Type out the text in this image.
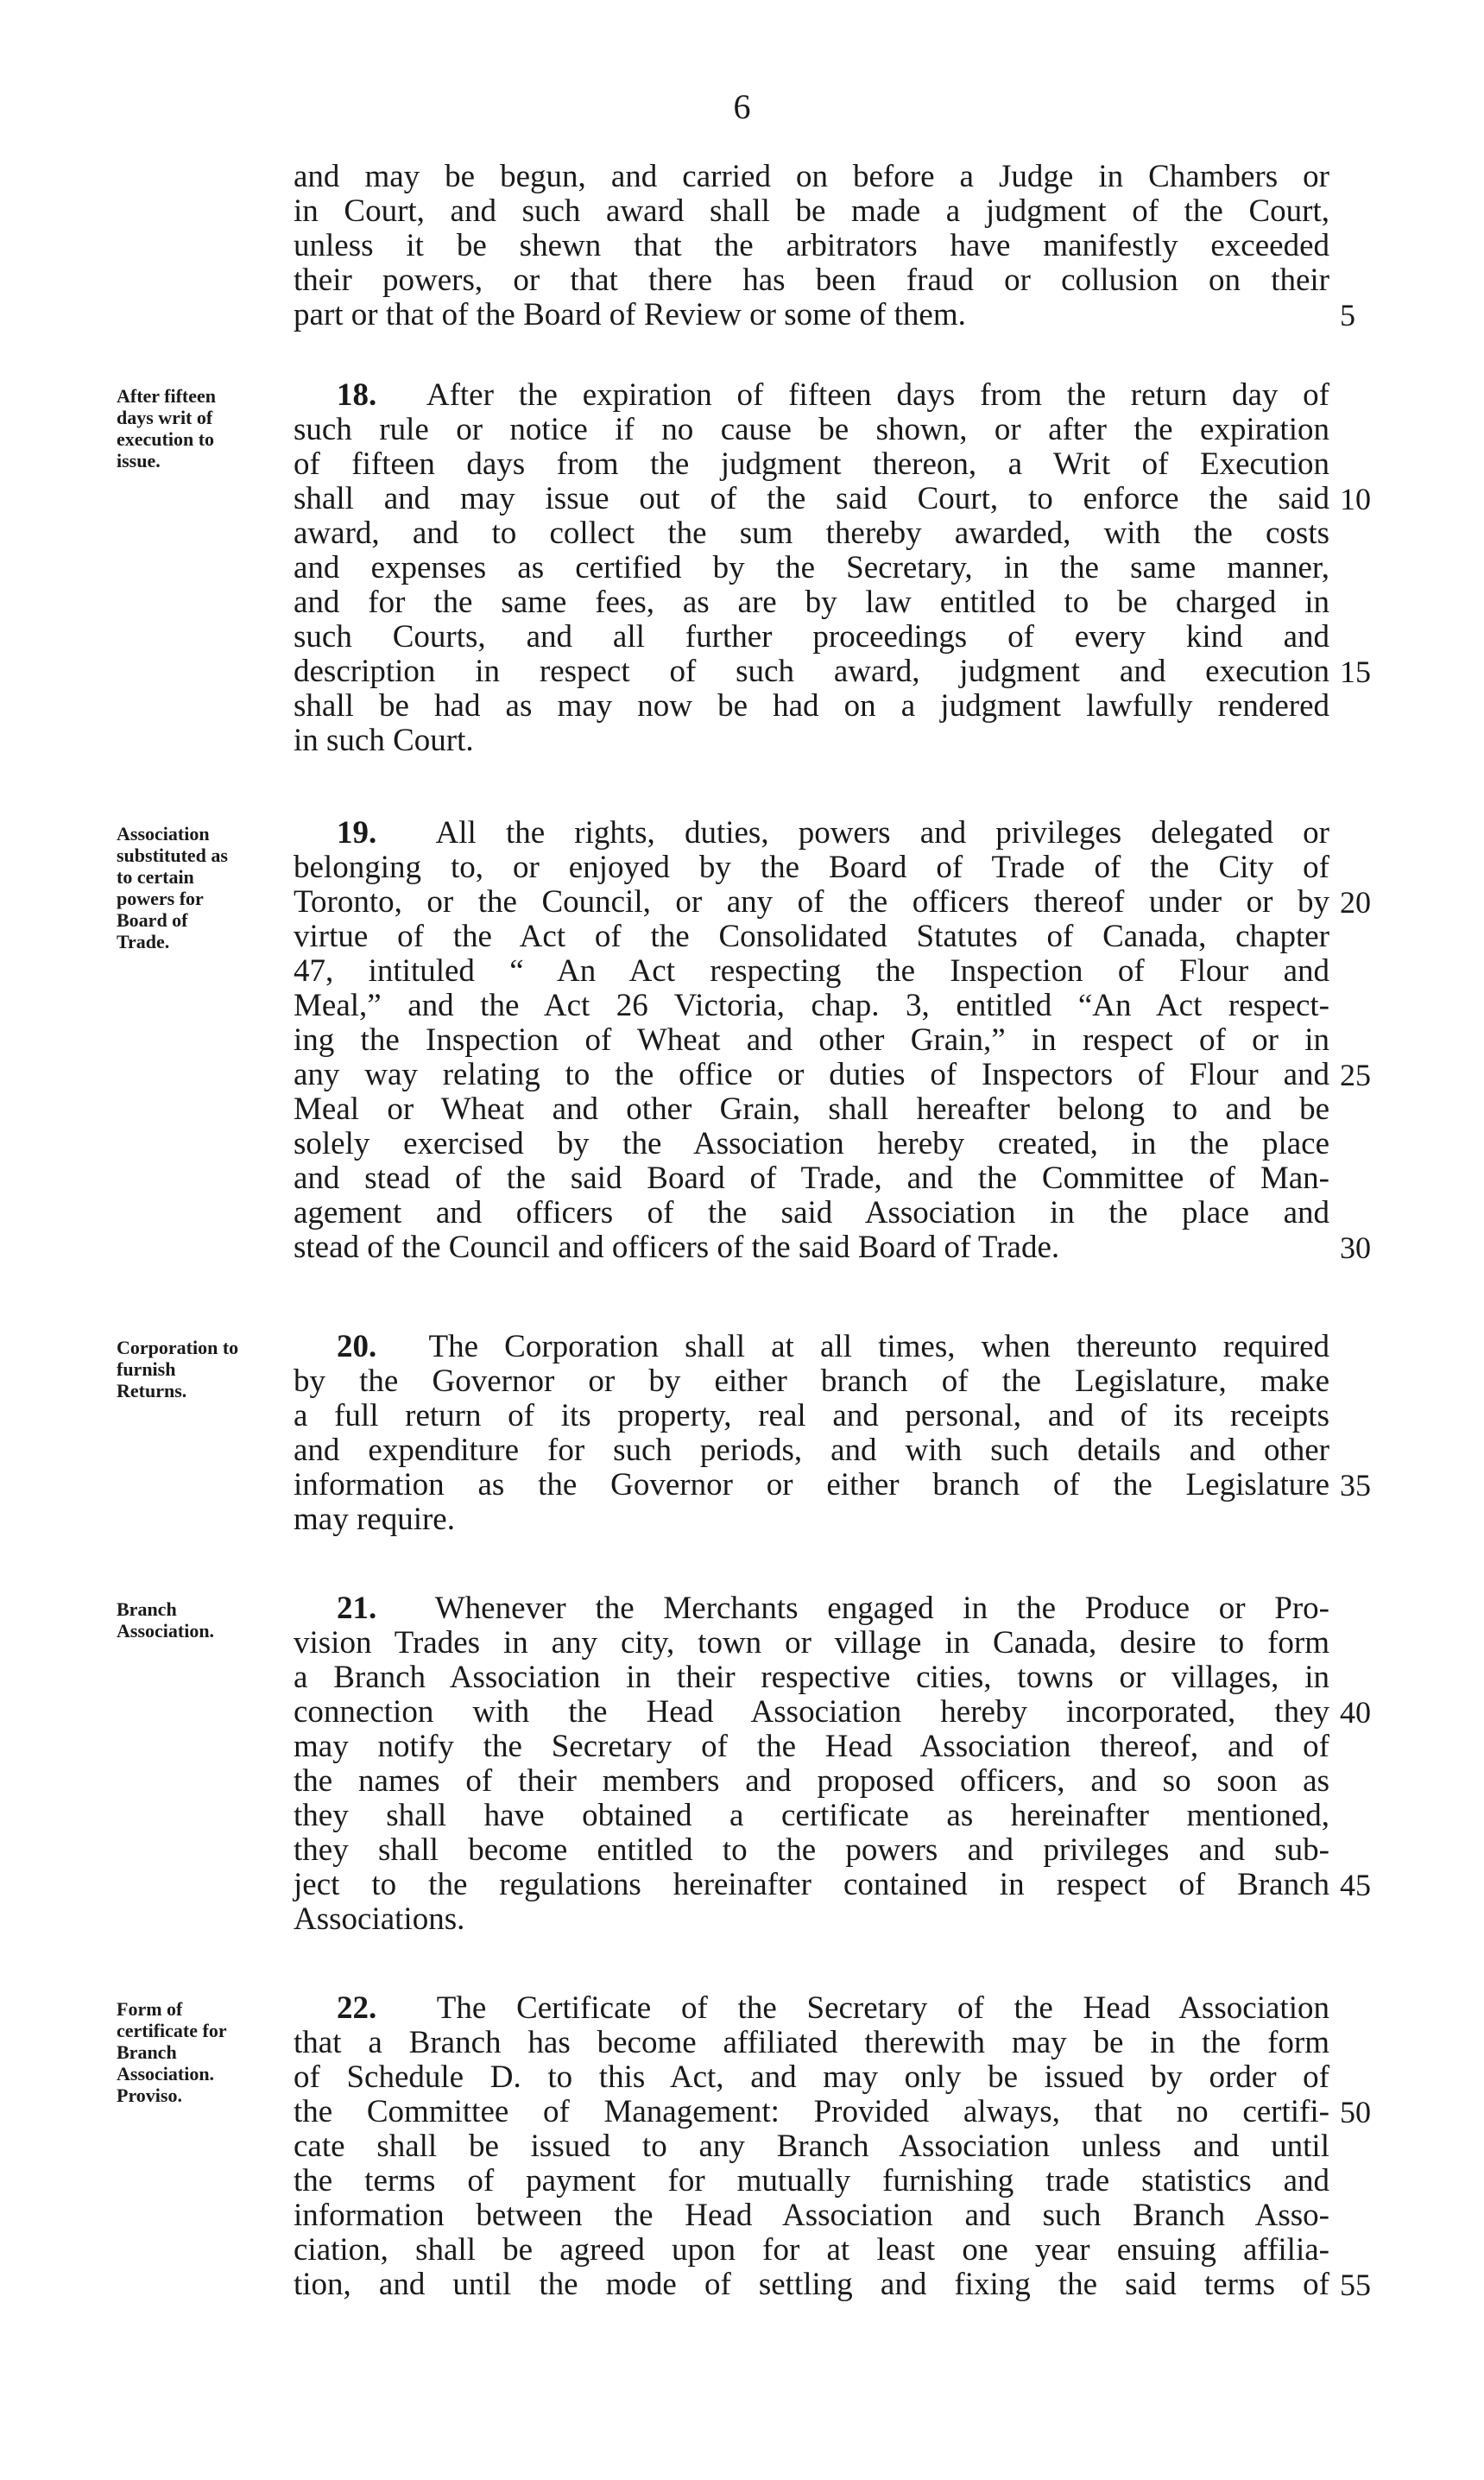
6
and may be begun, and carried on before a Judge in Chambers or
in Court, and such award shall be made a judgment of the Court,
unless it be shewn that the arbitrators have manifestly exceeded
their powers, or that there has been fraud or collusion on their
part or that of the Board of Review or some of them.	5
After fifteen
days writ of
execution to
issue.
18.  After the expiration of fifteen days from the return day of
such rule or notice if no cause be shown, or after the expiration
of fifteen days from the judgment thereon, a Writ of Execution
shall and may issue out of the said Court, to enforce the said 10
award, and to collect the sum thereby awarded, with the costs
and expenses as certified by the Secretary, in the same manner,
and for the same fees, as are by law entitled to be charged in
such Courts, and all further proceedings of every kind and
description in respect of such award, judgment and execution 15
shall be had as may now be had on a judgment lawfully rendered
in such Court.
Association
substituted as
to certain
powers for
Board of
Trade.
19.  All the rights, duties, powers and privileges delegated or
belonging to, or enjoyed by the Board of Trade of the City of
Toronto, or the Council, or any of the officers thereof under or by 20
virtue of the Act of the Consolidated Statutes of Canada, chapter
47, intituled “ An Act respecting the Inspection of Flour and
Meal,” and the Act 26 Victoria, chap. 3, entitled “An Act respect-
ing the Inspection of Wheat and other Grain,” in respect of or in
any way relating to the office or duties of Inspectors of Flour and 25
Meal or Wheat and other Grain, shall hereafter belong to and be
solely exercised by the Association hereby created, in the place
and stead of the said Board of Trade, and the Committee of Man-
agement and officers of the said Association in the place and
stead of the Council and officers of the said Board of Trade.	30
Corporation to
furnish
Returns.
20.  The Corporation shall at all times, when thereunto required
by the Governor or by either branch of the Legislature, make
a full return of its property, real and personal, and of its receipts
and expenditure for such periods, and with such details and other
information as the Governor or either branch of the Legislature 35
may require.
Branch
Association.
21.  Whenever the Merchants engaged in the Produce or Pro-
vision Trades in any city, town or village in Canada, desire to form
a Branch Association in their respective cities, towns or villages, in
connection with the Head Association hereby incorporated, they 40
may notify the Secretary of the Head Association thereof, and of
the names of their members and proposed officers, and so soon as
they shall have obtained a certificate as hereinafter mentioned,
they shall become entitled to the powers and privileges and sub-
ject to the regulations hereinafter contained in respect of Branch 45
Associations.
Form of
certificate for
Branch
Association.
Proviso.
22.  The Certificate of the Secretary of the Head Association
that a Branch has become affiliated therewith may be in the form
of Schedule D. to this Act, and may only be issued by order of
the Committee of Management: Provided always, that no certifi- 50
cate shall be issued to any Branch Association unless and until
the terms of payment for mutually furnishing trade statistics and
information between the Head Association and such Branch Asso-
ciation, shall be agreed upon for at least one year ensuing affilia-
tion, and until the mode of settling and fixing the said terms of 55
